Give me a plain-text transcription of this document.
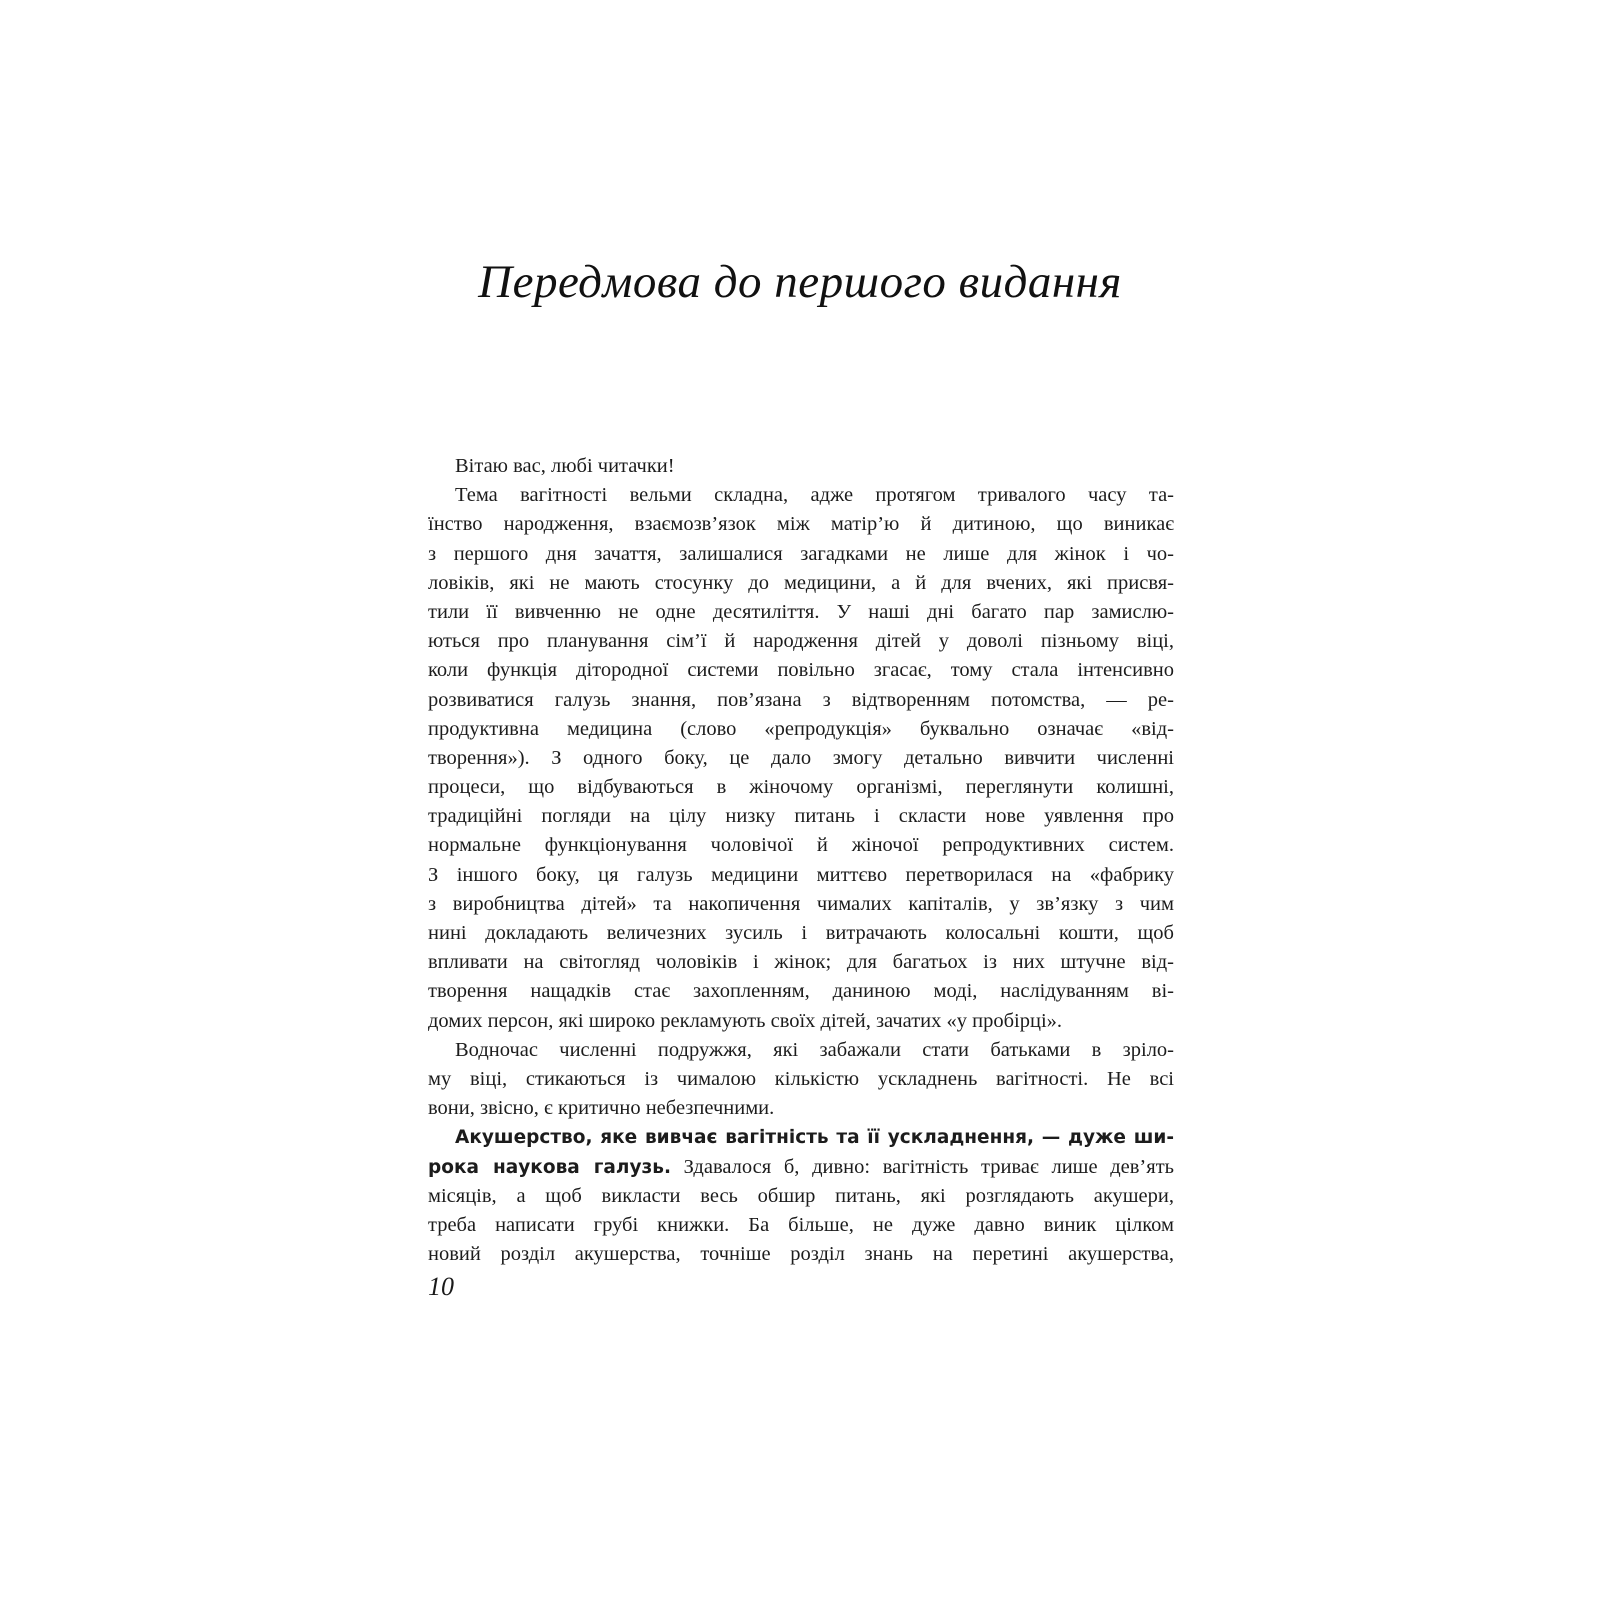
Передмова до першого видання
Вітаю вас, любі читачки!
Тема вагітності вельми складна, адже протягом тривалого часу та-
їнство народження, взаємозв’язок між матір’ю й дитиною, що виникає
з першого дня зачаття, залишалися загадками не лише для жінок і чо-
ловіків, які не мають стосунку до медицини, а й для вчених, які присвя-
тили її вивченню не одне десятиліття. У наші дні багато пар замислю-
ються про планування сім’ї й народження дітей у доволі пізньому віці,
коли функція дітородної системи повільно згасає, тому стала інтенсивно
розвиватися галузь знання, пов’язана з відтворенням потомства, — ре-
продуктивна медицина (слово «репродукція» буквально означає «від-
творення»). З одного боку, це дало змогу детально вивчити численні
процеси, що відбуваються в жіночому організмі, переглянути колишні,
традиційні погляди на цілу низку питань і скласти нове уявлення про
нормальне функціонування чоловічої й жіночої репродуктивних систем.
З іншого боку, ця галузь медицини миттєво перетворилася на «фабрику
з виробництва дітей» та накопичення чималих капіталів, у зв’язку з чим
нині докладають величезних зусиль і витрачають колосальні кошти, щоб
впливати на світогляд чоловіків і жінок; для багатьох із них штучне від-
творення нащадків стає захопленням, даниною моді, наслідуванням ві-
домих персон, які широко рекламують своїх дітей, зачатих «у пробірці».
Водночас численні подружжя, які забажали стати батьками в зріло-
му віці, стикаються із чималою кількістю ускладнень вагітності. Не всі
вони, звісно, є критично небезпечними.
Акушерство, яке вивчає вагітність та її ускладнення, — дуже ши-
рока наукова галузь. Здавалося б, дивно: вагітність триває лише дев’ять
місяців, а щоб викласти весь обшир питань, які розглядають акушери,
треба написати грубі книжки. Ба більше, не дуже давно виник цілком
новий розділ акушерства, точніше розділ знань на перетині акушерства,

10
